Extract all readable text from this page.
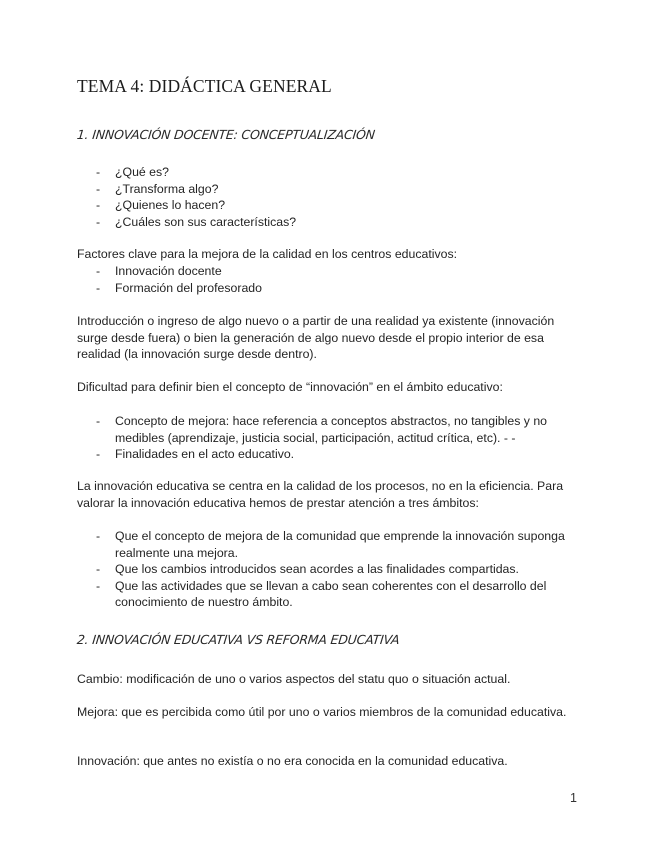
TEMA 4: DIDÁCTICA GENERAL
1. INNOVACIÓN DOCENTE: CONCEPTUALIZACIÓN
- ¿Qué es?
- ¿Transforma algo?
- ¿Quienes lo hacen?
- ¿Cuáles son sus características?

Factores clave para la mejora de la calidad en los centros educativos:

- Innovación docente
- Formación del profesorado

Introducción o ingreso de algo nuevo o a partir de una realidad ya existente (innovación surge desde fuera) o bien la generación de algo nuevo desde el propio interior de esa realidad (la innovación surge desde dentro).

Dificultad para definir bien el concepto de “innovación” en el ámbito educativo:

- Concepto de mejora: hace referencia a conceptos abstractos, no tangibles y no medibles (aprendizaje, justicia social, participación, actitud crítica, etc). - -
- Finalidades en el acto educativo.

La innovación educativa se centra en la calidad de los procesos, no en la eficiencia. Para valorar la innovación educativa hemos de prestar atención a tres ámbitos:

- Que el concepto de mejora de la comunidad que emprende la innovación suponga realmente una mejora.
- Que los cambios introducidos sean acordes a las finalidades compartidas.
- Que las actividades que se llevan a cabo sean coherentes con el desarrollo del conocimiento de nuestro ámbito.
2. INNOVACIÓN EDUCATIVA VS REFORMA EDUCATIVA

Cambio: modificación de uno o varios aspectos del statu quo o situación actual.

Mejora: que es percibida como útil por uno o varios miembros de la comunidad educativa.

Innovación: que antes no existía o no era conocida en la comunidad educativa.

1
